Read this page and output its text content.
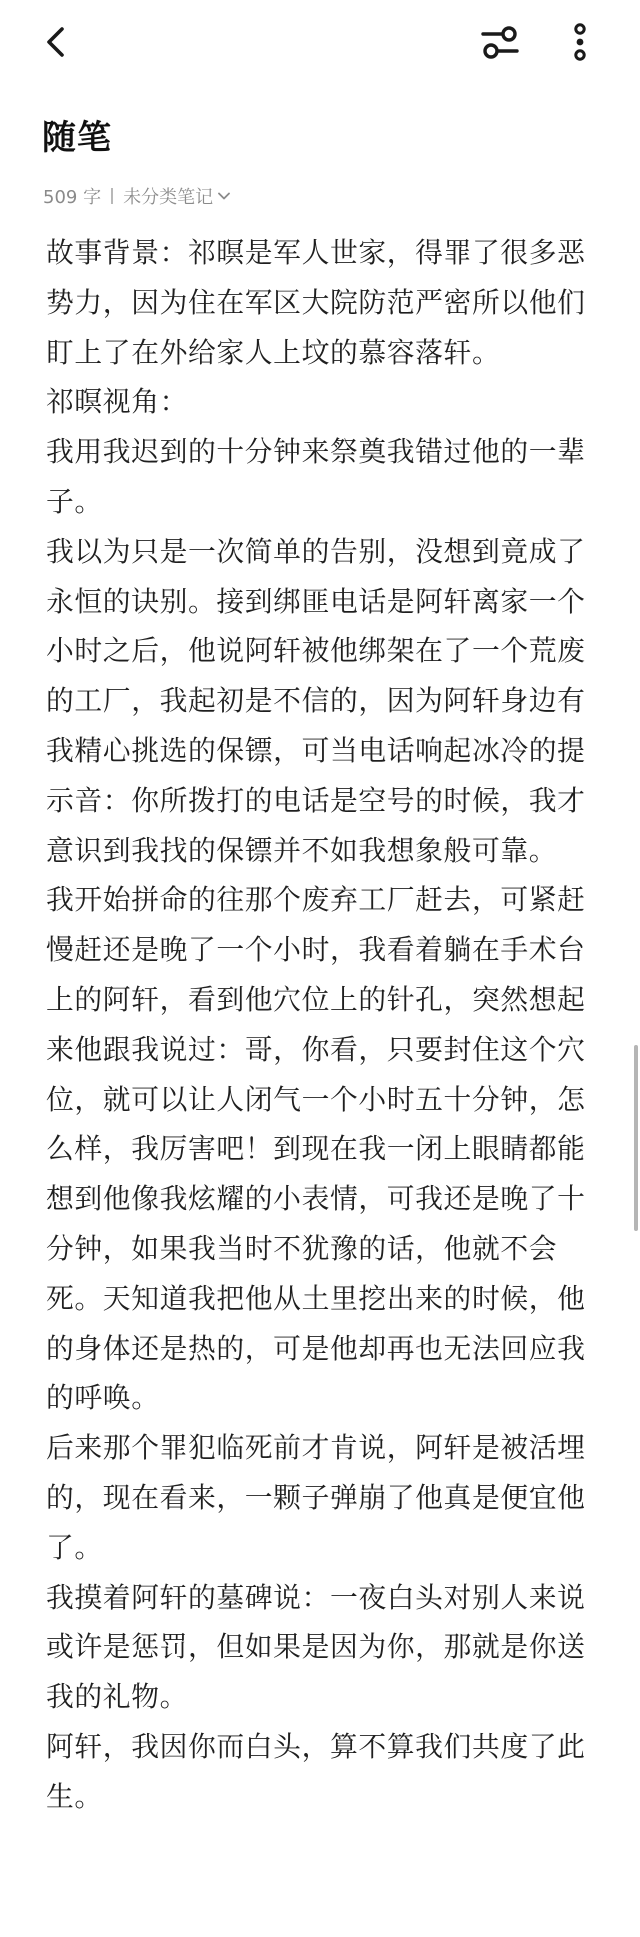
随笔
509 字 未分类笔记

故事背景：祁暝是军人世家，得罪了很多恶势力，因为住在军区大院防范严密所以他们盯上了在外给家人上坟的慕容落轩。

祁暝视角：

我用我迟到的十分钟来祭奠我错过他的一辈子。

我以为只是一次简单的告别，没想到竟成了永恒的诀别。接到绑匪电话是阿轩离家一个小时之后，他说阿轩被他绑架在了一个荒废的工厂，我起初是不信的，因为阿轩身边有我精心挑选的保镖，可当电话响起冰冷的提示音：你所拨打的电话是空号的时候，我才意识到我找的保镖并不如我想象般可靠。

我开始拼命的往那个废弃工厂赶去，可紧赶慢赶还是晚了一个小时，我看着躺在手术台上的阿轩，看到他穴位上的针孔，突然想起来他跟我说过：哥，你看，只要封住这个穴位，就可以让人闭气一个小时五十分钟，怎么样，我厉害吧！到现在我一闭上眼睛都能想到他像我炫耀的小表情，可我还是晚了十分钟，如果我当时不犹豫的话，他就不会死。天知道我把他从土里挖出来的时候，他的身体还是热的，可是他却再也无法回应我的呼唤。

后来那个罪犯临死前才肯说，阿轩是被活埋的，现在看来，一颗子弹崩了他真是便宜他了。

我摸着阿轩的墓碑说：一夜白头对别人来说或许是惩罚，但如果是因为你，那就是你送我的礼物。

阿轩，我因你而白头，算不算我们共度了此生。
